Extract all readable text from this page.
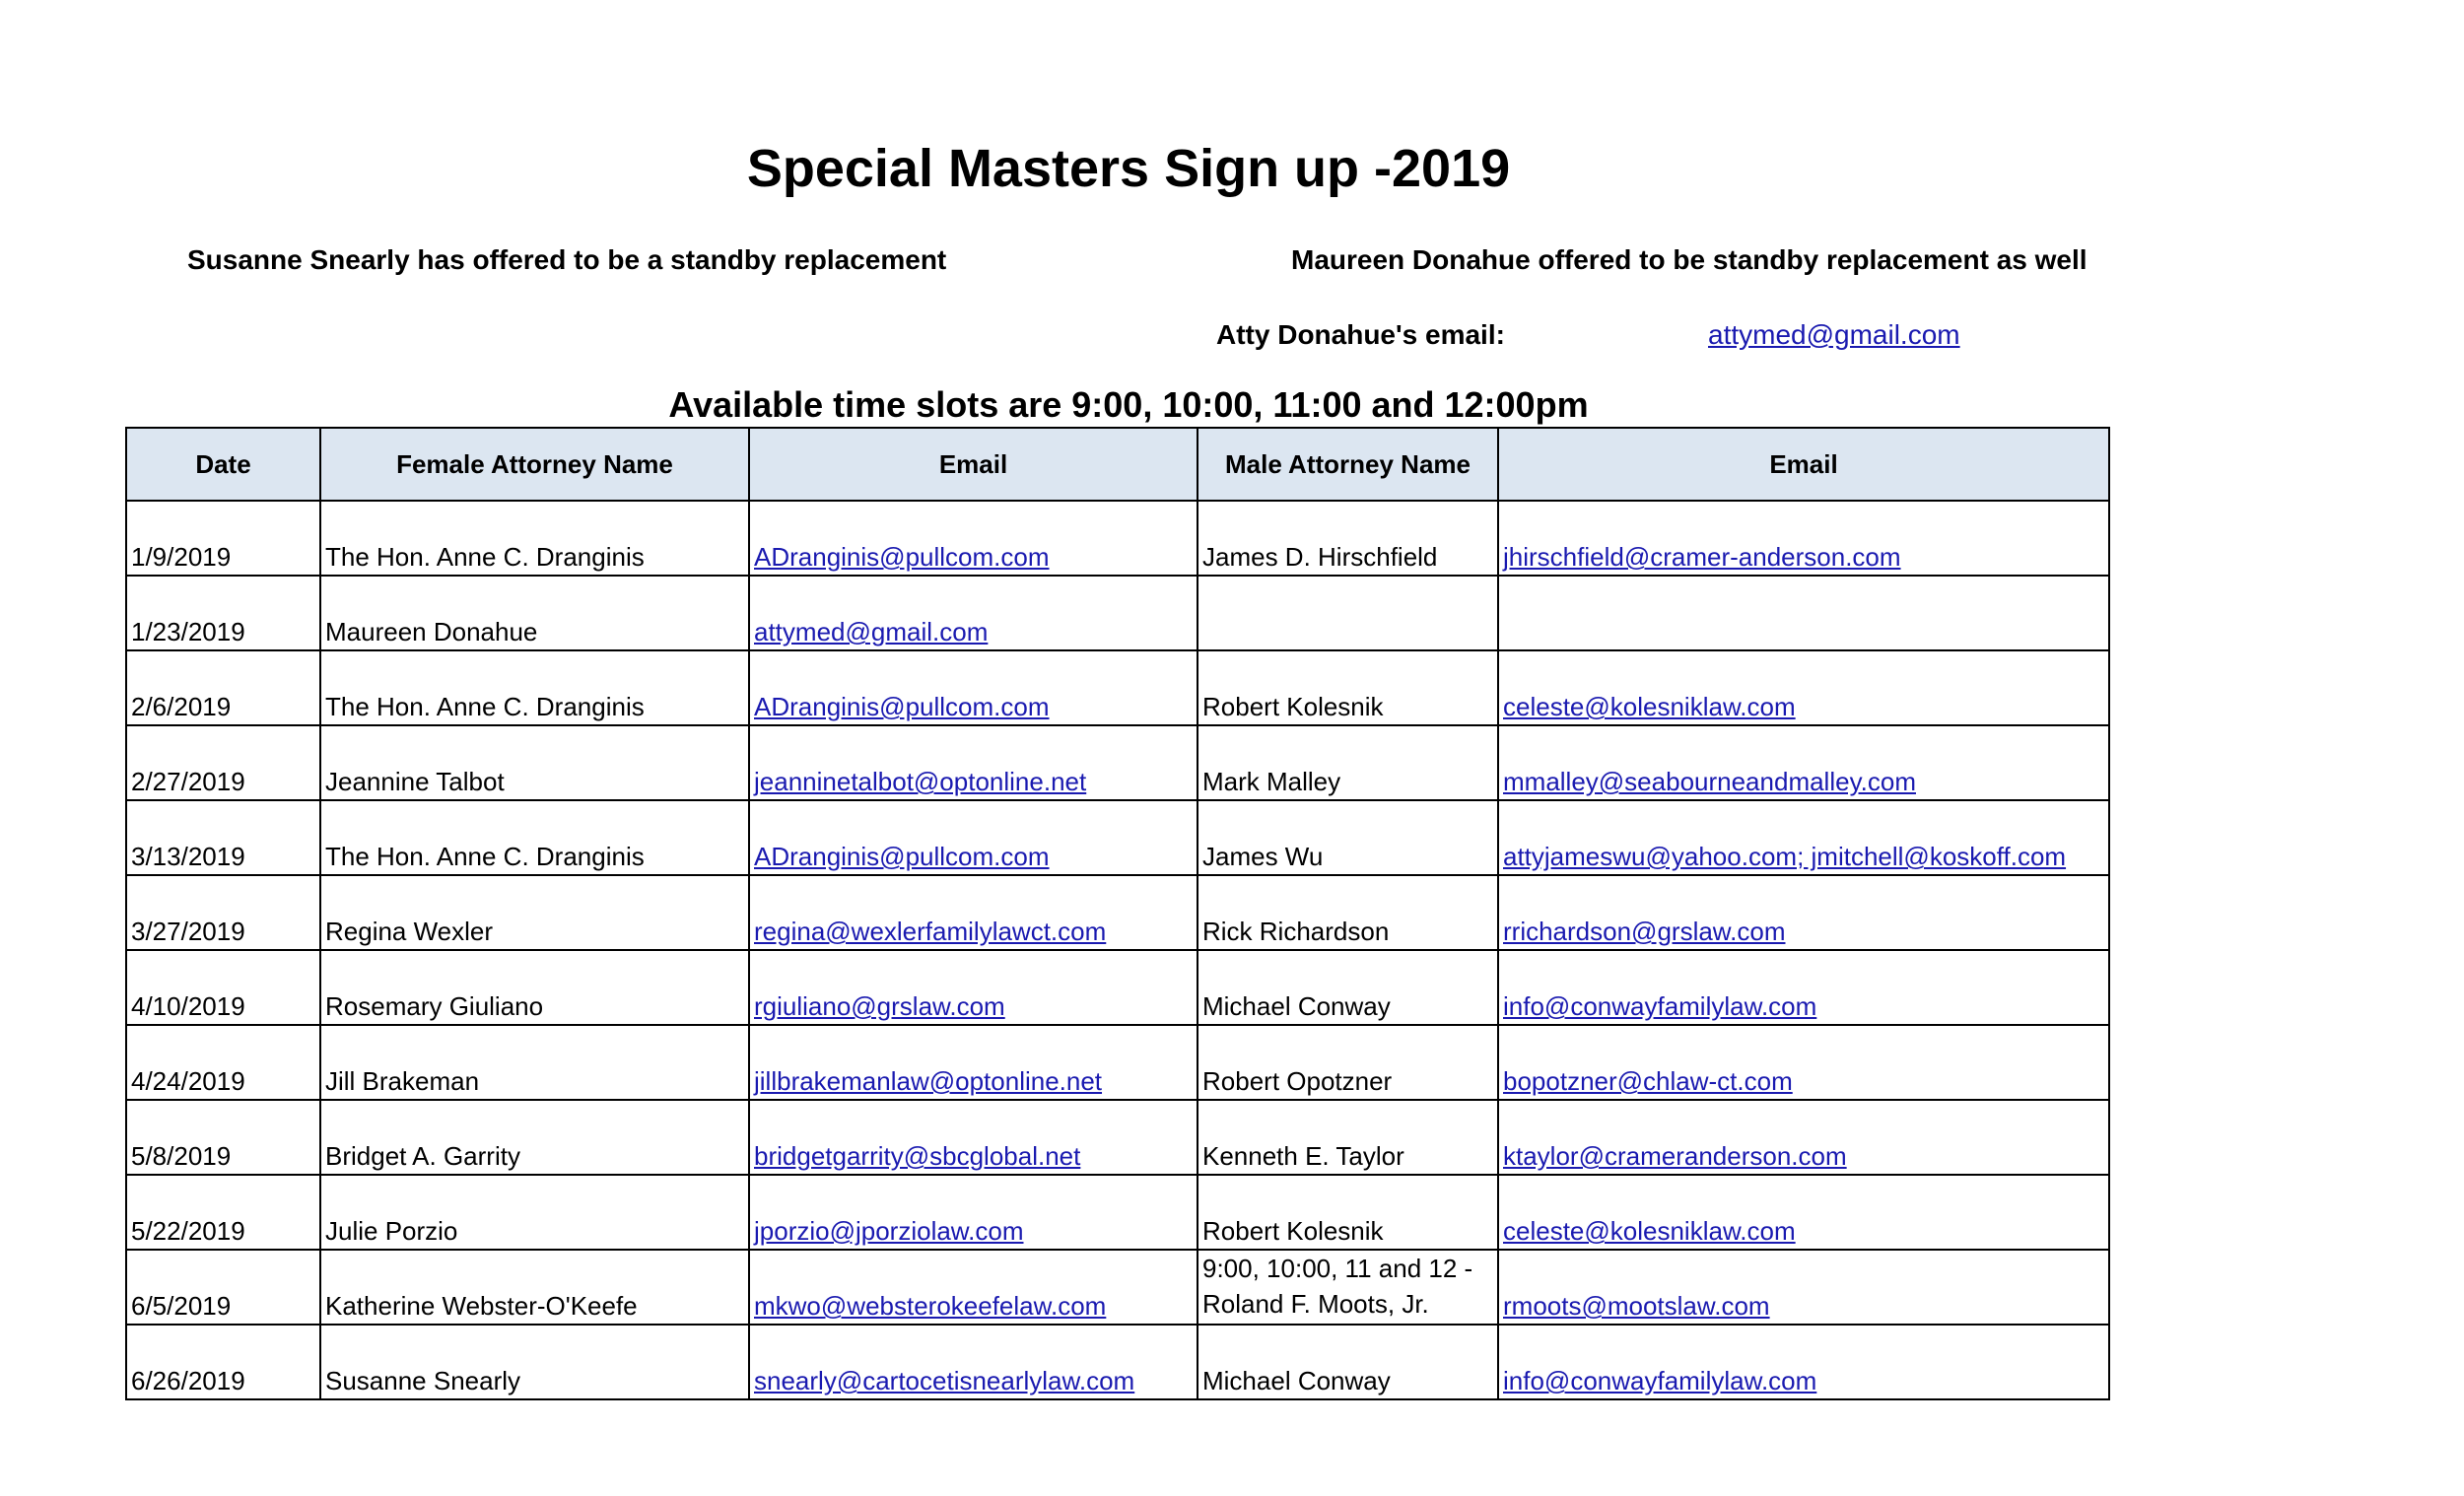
Special Masters Sign up -2019
Susanne Snearly has offered to be a standby replacement	Maureen Donahue offered to be standby replacement as well
Atty Donahue's email:	attymed@gmail.com
Available time slots are 9:00, 10:00, 11:00 and 12:00pm
Date	Female Attorney Name	Email	Male Attorney Name	Email
1/9/2019	The Hon. Anne C. Dranginis	ADranginis@pullcom.com	James D. Hirschfield	jhirschfield@cramer-anderson.com
1/23/2019	Maureen Donahue	attymed@gmail.com		
2/6/2019	The Hon. Anne C. Dranginis	ADranginis@pullcom.com	Robert Kolesnik	celeste@kolesniklaw.com
2/27/2019	Jeannine Talbot	jeanninetalbot@optonline.net	Mark Malley	mmalley@seabourneandmalley.com
3/13/2019	The Hon. Anne C. Dranginis	ADranginis@pullcom.com	James Wu	attyjameswu@yahoo.com; jmitchell@koskoff.com
3/27/2019	Regina Wexler	regina@wexlerfamilylawct.com	Rick Richardson	rrichardson@grslaw.com
4/10/2019	Rosemary Giuliano	rgiuliano@grslaw.com	Michael Conway	info@conwayfamilylaw.com
4/24/2019	Jill Brakeman	jillbrakemanlaw@optonline.net	Robert Opotzner	bopotzner@chlaw-ct.com
5/8/2019	Bridget A. Garrity	bridgetgarrity@sbcglobal.net	Kenneth E. Taylor	ktaylor@crameranderson.com
5/22/2019	Julie Porzio	jporzio@jporziolaw.com	Robert Kolesnik	celeste@kolesniklaw.com
6/5/2019	Katherine Webster-O'Keefe	mkwo@websterokeefelaw.com	9:00, 10:00, 11 and 12 - Roland F. Moots, Jr.	rmoots@mootslaw.com
6/26/2019	Susanne Snearly	snearly@cartocetisnearlylaw.com	Michael Conway	info@conwayfamilylaw.com
